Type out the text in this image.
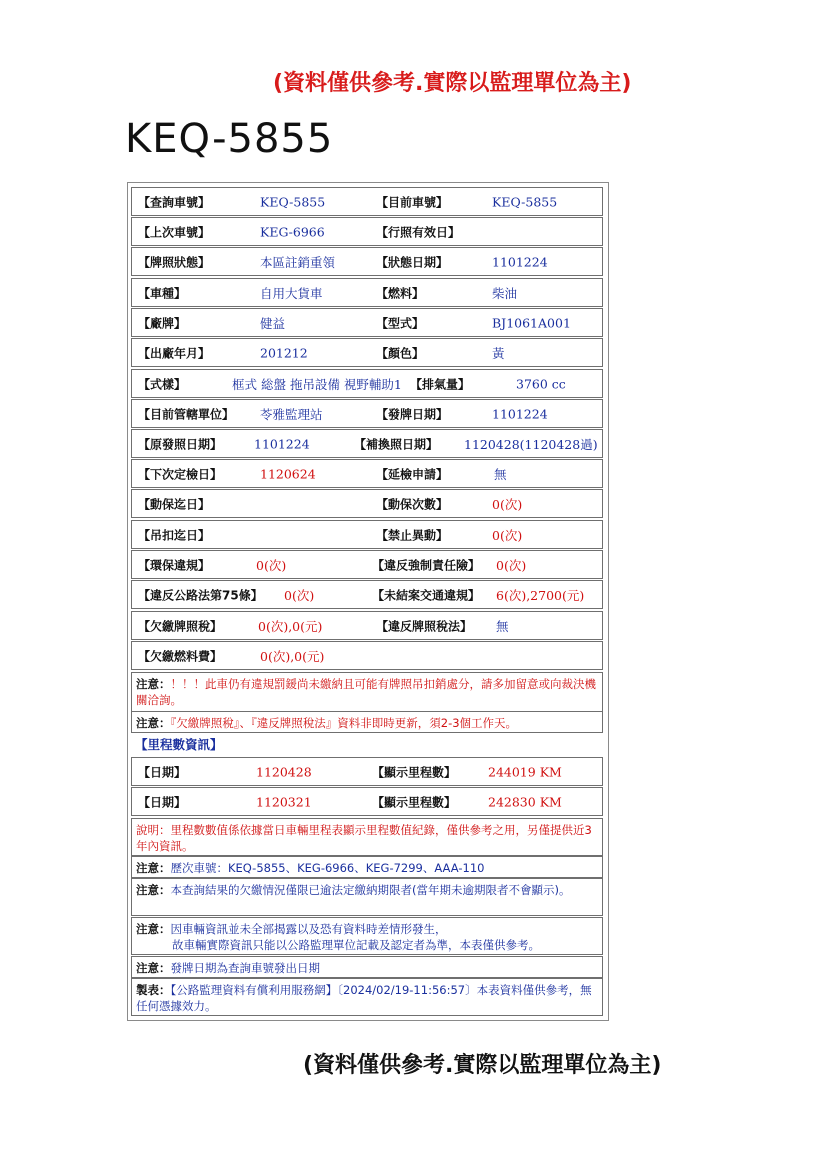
(資料僅供參考.實際以監理單位為主)
KEQ-5855
【查詢車號】	KEQ-5855	【目前車號】	KEQ-5855
【上次車號】	KEG-6966	【行照有效日】
【牌照狀態】	本區註銷重領	【狀態日期】	1101224
【車種】	自用大貨車	【燃料】	柴油
【廠牌】	健益	【型式】	BJ1061A001
【出廠年月】	201212	【顏色】	黃
【式樣】	框式 総盤 拖吊設備 視野輔助1 【排氣量】	3760 cc
【目前管轄單位】 苓雅監理站	【發牌日期】	1101224
【原發照日期】	1101224	【補換照日期】 1120428(1120428過)
【下次定檢日】	1120624	【延檢申請】	無
【動保迄日】	【動保次數】	0(次)
【吊扣迄日】	【禁止異動】	0(次)
【環保違規】	0(次)	【違反強制責任險】 0(次)
【違反公路法第75條】 0(次)	【未結案交通違規】 6(次),2700(元)
【欠繳牌照稅】	0(次),0(元)	【違反牌照稅法】 無
【欠繳燃料費】	0(次),0(元)
注意：！！！此車仍有違規罰鍰尚未繳納且可能有牌照吊扣銷處分，請多加留意或向裁決機關洽詢。
注意：『欠繳牌照稅』、『違反牌照稅法』資料非即時更新，須2-3個工作天。
【里程數資訊】
【日期】	1120428	【顯示里程數】	244019 KM
【日期】	1120321	【顯示里程數】	242830 KM
說明：里程數數值係依據當日車輛里程表顯示里程數值紀錄，僅供參考之用，另僅提供近3年內資訊。
注意：歷次車號：KEQ-5855、KEG-6966、KEG-7299、AAA-110
注意：本查詢結果的欠繳情況僅限已逾法定繳納期限者(當年期未逾期限者不會顯示)。
注意：因車輛資訊並未全部揭露以及恐有資料時差情形發生，
故車輛實際資訊只能以公路監理單位記載及認定者為準，本表僅供參考。
注意：發牌日期為查詢車號發出日期
製表：【公路監理資料有償利用服務網】〔2024/02/19-11:56:57〕本表資料僅供參考，無任何憑據效力。
(資料僅供參考.實際以監理單位為主)
